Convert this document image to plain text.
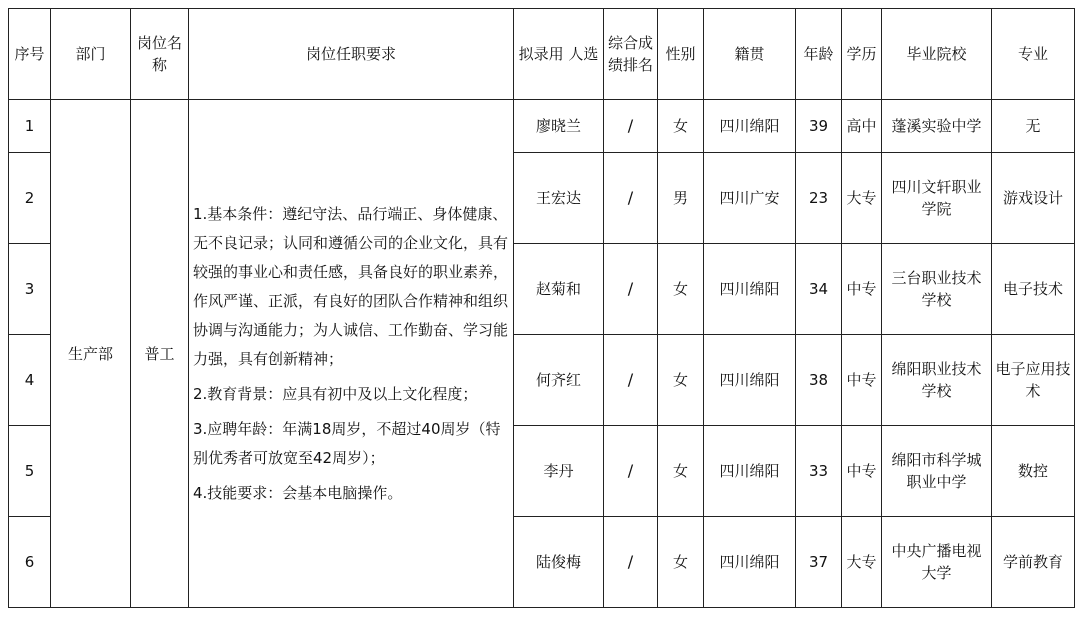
序号	部门	岗位名称	岗位任职要求	拟录用 人选	综合成绩排名	性别	籍贯	年龄	学历	毕业院校	专业
1	生产部	普工	1.基本条件：遵纪守法、品行端正、身体健康、无不良记录；认同和遵循公司的企业文化，具有较强的事业心和责任感，具备良好的职业素养，作风严谨、正派，有良好的团队合作精神和组织协调与沟通能力；为人诚信、工作勤奋、学习能力强，具有创新精神；

2.教育背景：应具有初中及以上文化程度；

3.应聘年龄：年满18周岁，不超过40周岁（特别优秀者可放宽至42周岁）；

4.技能要求：会基本电脑操作。	廖晓兰	/	女	四川绵阳	39	高中	蓬溪实验中学	无
2				王宏达	/	男	四川广安	23	大专	四川文轩职业学院	游戏设计
3				赵菊和	/	女	四川绵阳	34	中专	三台职业技术学校	电子技术
4				何齐红	/	女	四川绵阳	38	中专	绵阳职业技术学校	电子应用技术
5				李丹	/	女	四川绵阳	33	中专	绵阳市科学城职业中学	数控
6				陆俊梅	/	女	四川绵阳	37	大专	中央广播电视大学	学前教育
